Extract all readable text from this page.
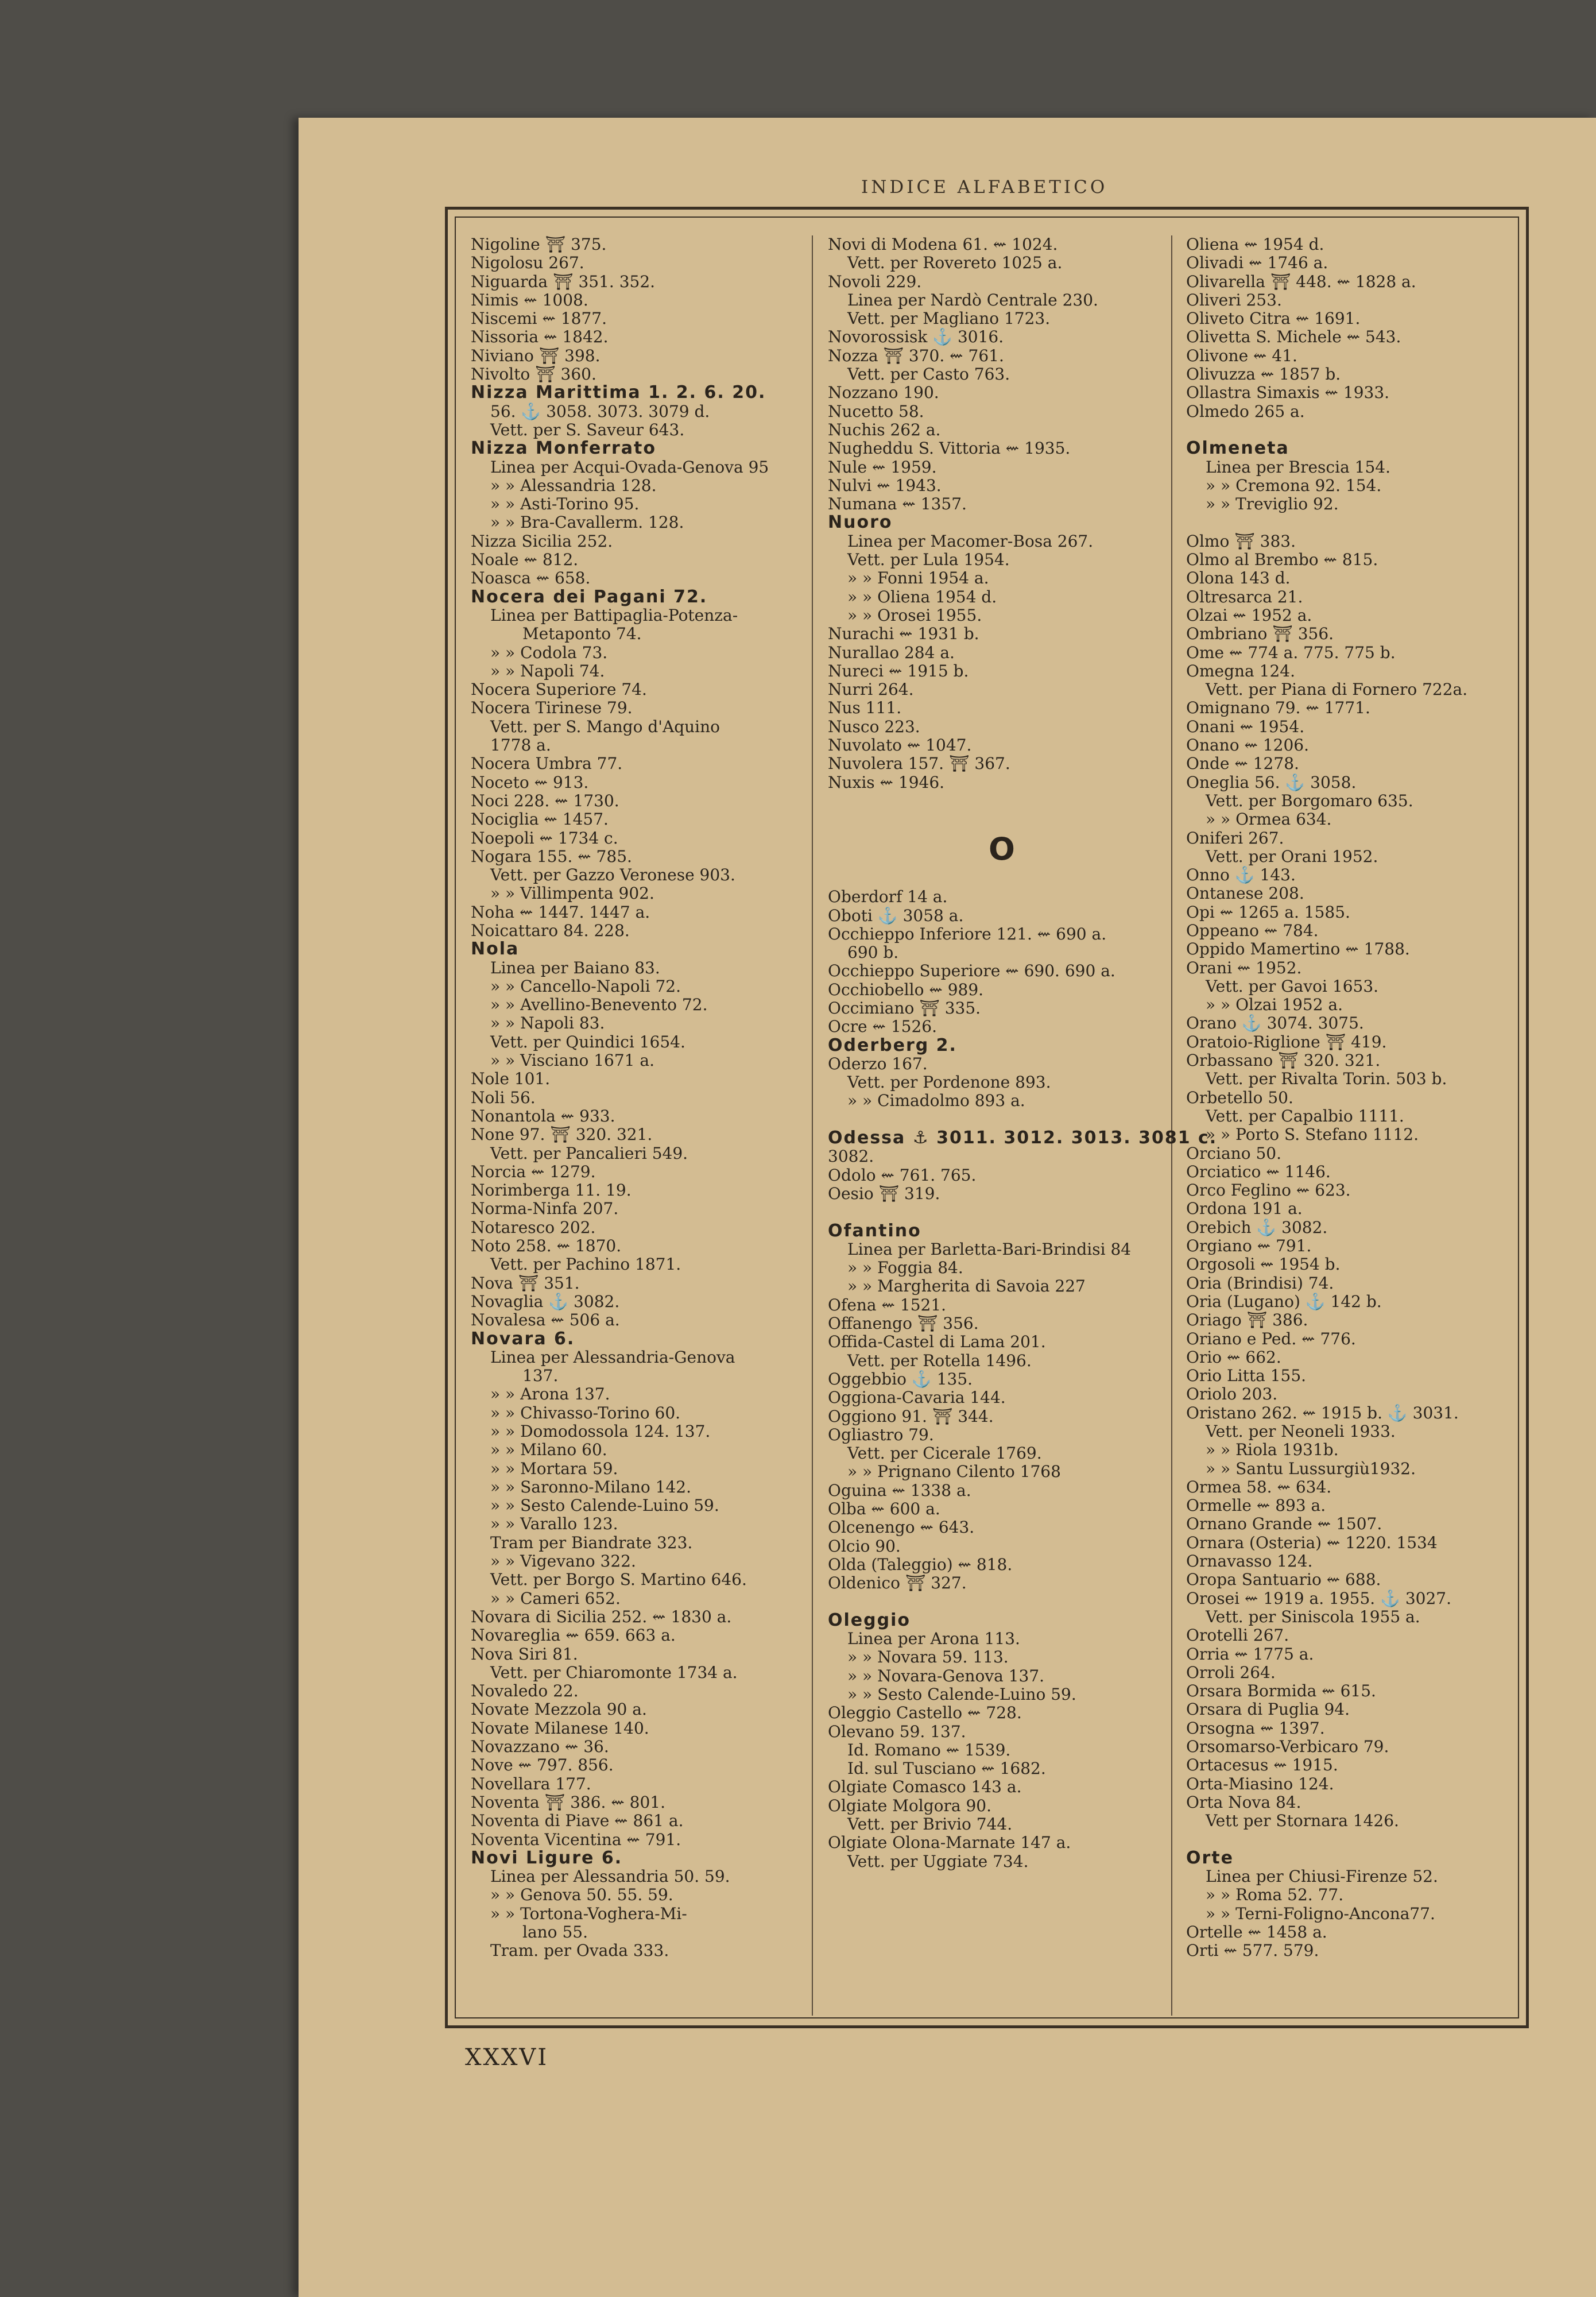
INDICE ALFABETICO
Nigoline ⛩ 375.
Nigolosu 267.
Niguarda ⛩ 351. 352.
Nimis ⇜ 1008.
Niscemi ⇜ 1877.
Nissoria ⇜ 1842.
Niviano ⛩ 398.
Nivolto ⛩ 360.
Nizza Marittima 1. 2. 6. 20.
56. ⚓ 3058. 3073. 3079 d.
Vett. per S. Saveur 643.
Nizza Monferrato
Linea per Acqui-Ovada-Genova 95
» » Alessandria 128.
» » Asti-Torino 95.
» » Bra-Cavallerm. 128.
Nizza Sicilia 252.
Noale ⇜ 812.
Noasca ⇜ 658.
Nocera dei Pagani 72.
Linea per Battipaglia-Potenza-
Metaponto 74.
» » Codola 73.
» » Napoli 74.
Nocera Superiore 74.
Nocera Tirinese 79.
Vett. per S. Mango d'Aquino
1778 a.
Nocera Umbra 77.
Noceto ⇜ 913.
Noci 228. ⇜ 1730.
Nociglia ⇜ 1457.
Noepoli ⇜ 1734 c.
Nogara 155. ⇜ 785.
Vett. per Gazzo Veronese 903.
» » Villimpenta 902.
Noha ⇜ 1447. 1447 a.
Noicattaro 84. 228.
Nola
Linea per Baiano 83.
» » Cancello-Napoli 72.
» » Avellino-Benevento 72.
» » Napoli 83.
Vett. per Quindici 1654.
» » Visciano 1671 a.
Nole 101.
Noli 56.
Nonantola ⇜ 933.
None 97. ⛩ 320. 321.
Vett. per Pancalieri 549.
Norcia ⇜ 1279.
Norimberga 11. 19.
Norma-Ninfa 207.
Notaresco 202.
Noto 258. ⇜ 1870.
Vett. per Pachino 1871.
Nova ⛩ 351.
Novaglia ⚓ 3082.
Novalesa ⇜ 506 a.
Novara 6.
Linea per Alessandria-Genova
137.
» » Arona 137.
» » Chivasso-Torino 60.
» » Domodossola 124. 137.
» » Milano 60.
» » Mortara 59.
» » Saronno-Milano 142.
» » Sesto Calende-Luino 59.
» » Varallo 123.
Tram per Biandrate 323.
» » Vigevano 322.
Vett. per Borgo S. Martino 646.
» » Cameri 652.
Novara di Sicilia 252. ⇜ 1830 a.
Novareglia ⇜ 659. 663 a.
Nova Siri 81.
Vett. per Chiaromonte 1734 a.
Novaledo 22.
Novate Mezzola 90 a.
Novate Milanese 140.
Novazzano ⇜ 36.
Nove ⇜ 797. 856.
Novellara 177.
Noventa ⛩ 386. ⇜ 801.
Noventa di Piave ⇜ 861 a.
Noventa Vicentina ⇜ 791.
Novi Ligure 6.
Linea per Alessandria 50. 59.
» » Genova 50. 55. 59.
» » Tortona-Voghera-Mi-
lano 55.
Tram. per Ovada 333.
Novi di Modena 61. ⇜ 1024.
Vett. per Rovereto 1025 a.
Novoli 229.
Linea per Nardò Centrale 230.
Vett. per Magliano 1723.
Novorossisk ⚓ 3016.
Nozza ⛩ 370. ⇜ 761.
Vett. per Casto 763.
Nozzano 190.
Nucetto 58.
Nuchis 262 a.
Nugheddu S. Vittoria ⇜ 1935.
Nule ⇜ 1959.
Nulvi ⇜ 1943.
Numana ⇜ 1357.
Nuoro
Linea per Macomer-Bosa 267.
Vett. per Lula 1954.
» » Fonni 1954 a.
» » Oliena 1954 d.
» » Orosei 1955.
Nurachi ⇜ 1931 b.
Nurallao 284 a.
Nureci ⇜ 1915 b.
Nurri 264.
Nus 111.
Nusco 223.
Nuvolato ⇜ 1047.
Nuvolera 157. ⛩ 367.
Nuxis ⇜ 1946.
O
Oberdorf 14 a.
Oboti ⚓ 3058 a.
Occhieppo Inferiore 121. ⇜ 690 a.
690 b.
Occhieppo Superiore ⇜ 690. 690 a.
Occhiobello ⇜ 989.
Occimiano ⛩ 335.
Ocre ⇜ 1526.
Oderberg 2.
Oderzo 167.
Vett. per Pordenone 893.
» » Cimadolmo 893 a.
Odessa ⚓ 3011. 3012. 3013. 3081 c.
3082.
Odolo ⇜ 761. 765.
Oesio ⛩ 319.
Ofantino
Linea per Barletta-Bari-Brindisi 84
» » Foggia 84.
» » Margherita di Savoia 227
Ofena ⇜ 1521.
Offanengo ⛩ 356.
Offida-Castel di Lama 201.
Vett. per Rotella 1496.
Oggebbio ⚓ 135.
Oggiona-Cavaria 144.
Oggiono 91. ⛩ 344.
Ogliastro 79.
Vett. per Cicerale 1769.
» » Prignano Cilento 1768
Oguina ⇜ 1338 a.
Olba ⇜ 600 a.
Olcenengo ⇜ 643.
Olcio 90.
Olda (Taleggio) ⇜ 818.
Oldenico ⛩ 327.
Oleggio
Linea per Arona 113.
» » Novara 59. 113.
» » Novara-Genova 137.
» » Sesto Calende-Luino 59.
Oleggio Castello ⇜ 728.
Olevano 59. 137.
Id. Romano ⇜ 1539.
Id. sul Tusciano ⇜ 1682.
Olgiate Comasco 143 a.
Olgiate Molgora 90.
Vett. per Brivio 744.
Olgiate Olona-Marnate 147 a.
Vett. per Uggiate 734.
Oliena ⇜ 1954 d.
Olivadi ⇜ 1746 a.
Olivarella ⛩ 448. ⇜ 1828 a.
Oliveri 253.
Oliveto Citra ⇜ 1691.
Olivetta S. Michele ⇜ 543.
Olivone ⇜ 41.
Olivuzza ⇜ 1857 b.
Ollastra Simaxis ⇜ 1933.
Olmedo 265 a.
Olmeneta
Linea per Brescia 154.
» » Cremona 92. 154.
» » Treviglio 92.
Olmo ⛩ 383.
Olmo al Brembo ⇜ 815.
Olona 143 d.
Oltresarca 21.
Olzai ⇜ 1952 a.
Ombriano ⛩ 356.
Ome ⇜ 774 a. 775. 775 b.
Omegna 124.
Vett. per Piana di Fornero 722a.
Omignano 79. ⇜ 1771.
Onani ⇜ 1954.
Onano ⇜ 1206.
Onde ⇜ 1278.
Oneglia 56. ⚓ 3058.
Vett. per Borgomaro 635.
» » Ormea 634.
Oniferi 267.
Vett. per Orani 1952.
Onno ⚓ 143.
Ontanese 208.
Opi ⇜ 1265 a. 1585.
Oppeano ⇜ 784.
Oppido Mamertino ⇜ 1788.
Orani ⇜ 1952.
Vett. per Gavoi 1653.
» » Olzai 1952 a.
Orano ⚓ 3074. 3075.
Oratoio-Riglione ⛩ 419.
Orbassano ⛩ 320. 321.
Vett. per Rivalta Torin. 503 b.
Orbetello 50.
Vett. per Capalbio 1111.
» » Porto S. Stefano 1112.
Orciano 50.
Orciatico ⇜ 1146.
Orco Feglino ⇜ 623.
Ordona 191 a.
Orebich ⚓ 3082.
Orgiano ⇜ 791.
Orgosoli ⇜ 1954 b.
Oria (Brindisi) 74.
Oria (Lugano) ⚓ 142 b.
Oriago ⛩ 386.
Oriano e Ped. ⇜ 776.
Orio ⇜ 662.
Orio Litta 155.
Oriolo 203.
Oristano 262. ⇜ 1915 b. ⚓ 3031.
Vett. per Neoneli 1933.
» » Riola 1931b.
» » Santu Lussurgiù1932.
Ormea 58. ⇜ 634.
Ormelle ⇜ 893 a.
Ornano Grande ⇜ 1507.
Ornara (Osteria) ⇜ 1220. 1534
Ornavasso 124.
Oropa Santuario ⇜ 688.
Orosei ⇜ 1919 a. 1955. ⚓ 3027.
Vett. per Siniscola 1955 a.
Orotelli 267.
Orria ⇜ 1775 a.
Orroli 264.
Orsara Bormida ⇜ 615.
Orsara di Puglia 94.
Orsogna ⇜ 1397.
Orsomarso-Verbicaro 79.
Ortacesus ⇜ 1915.
Orta-Miasino 124.
Orta Nova 84.
Vett per Stornara 1426.
Orte
Linea per Chiusi-Firenze 52.
» » Roma 52. 77.
» » Terni-Foligno-Ancona77.
Ortelle ⇜ 1458 a.
Orti ⇜ 577. 579.
XXXVI
